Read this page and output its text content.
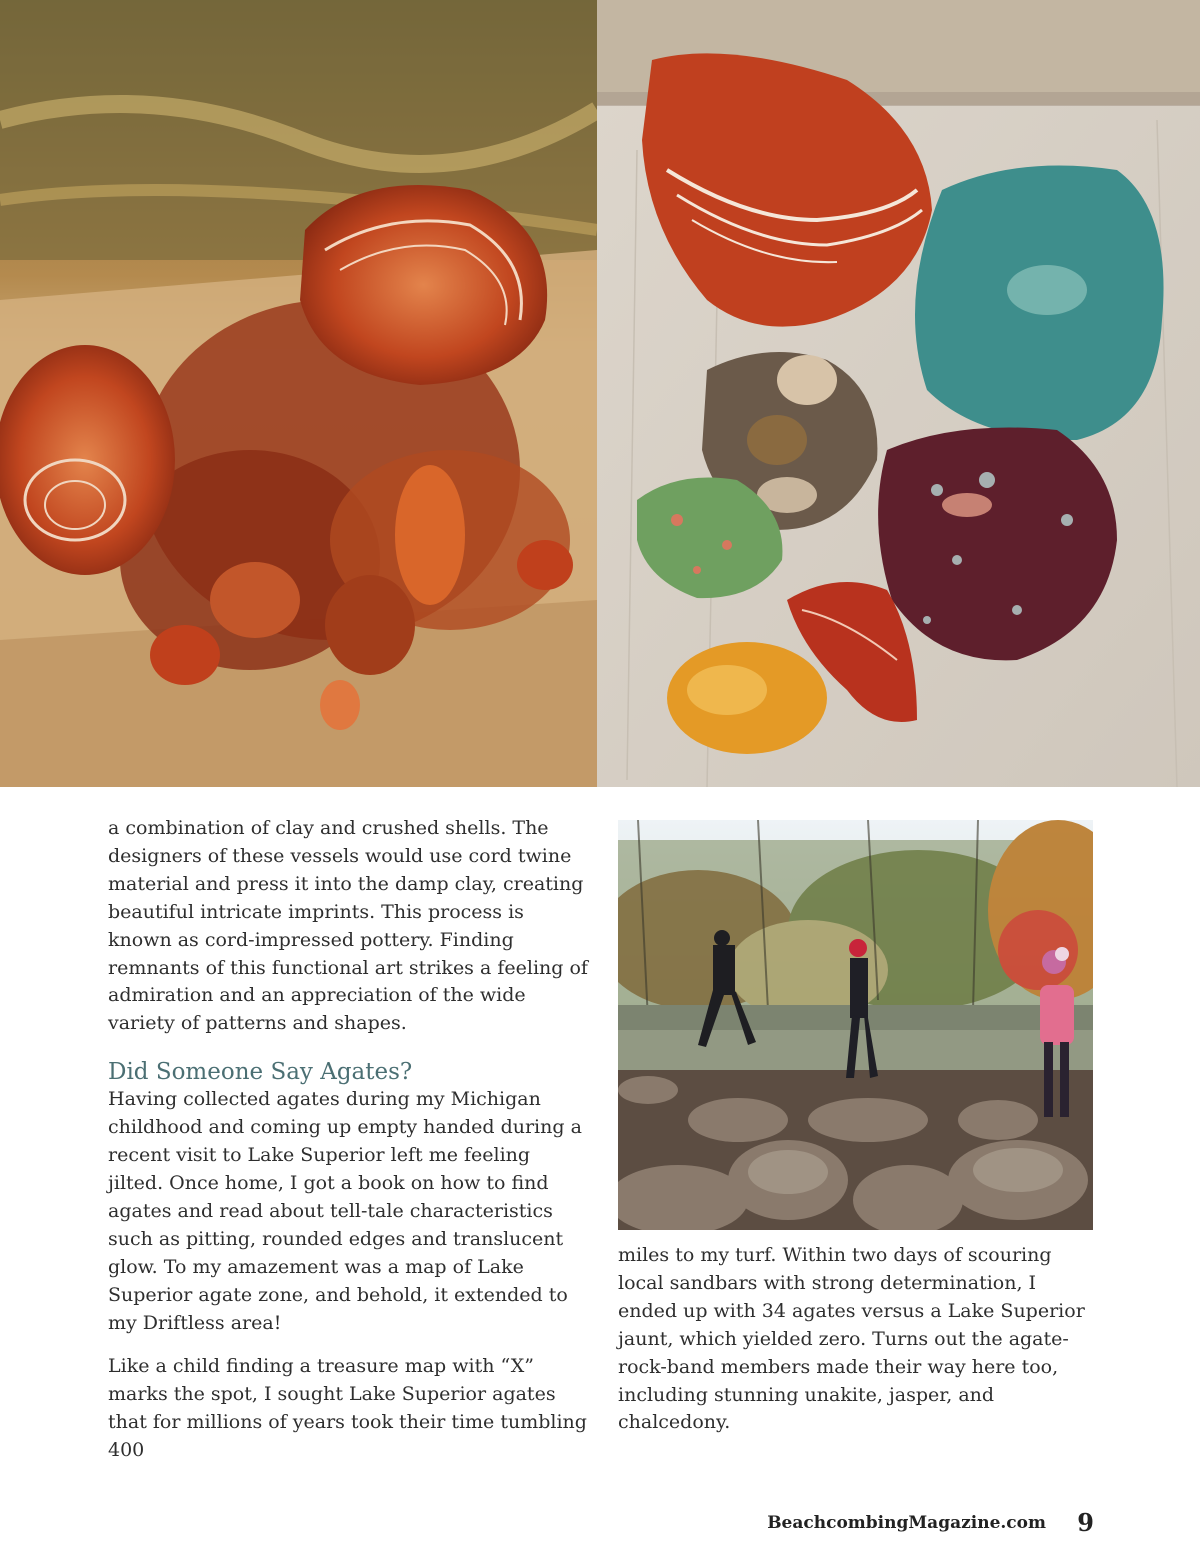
a combination of clay and crushed shells. The designers of these vessels would use cord twine material and press it into the damp clay, creating beautiful intricate imprints. This process is known as cord-impressed pottery. Finding remnants of this functional art strikes a feeling of admiration and an appreciation of the wide variety of patterns and shapes.

Did Someone Say Agates?

Having collected agates during my Michigan childhood and coming up empty handed during a recent visit to Lake Superior left me feeling jilted. Once home, I got a book on how to find agates and read about tell-tale characteristics such as pitting, rounded edges and translucent glow. To my amazement was a map of Lake Superior agate zone, and behold, it extended to my Driftless area!

Like a child finding a treasure map with “X” marks the spot, I sought Lake Superior agates that for millions of years took their time tumbling 400

miles to my turf. Within two days of scouring local sandbars with strong determination, I ended up with 34 agates versus a Lake Superior jaunt, which yielded zero. Turns out the agate-rock-band members made their way here too, including stunning unakite, jasper, and chalcedony.

BeachcombingMagazine.com 9
